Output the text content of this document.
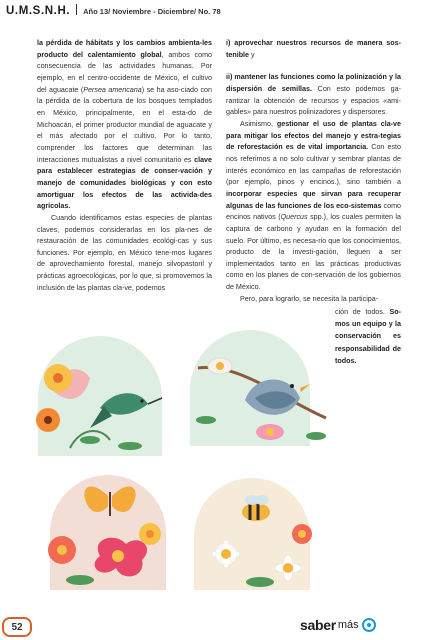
U.M.S.N.H. Año 13/ Noviembre - Diciembre/ No. 78

la pérdida de hábitats y los cambios ambienta-les producto del calentamiento global, ambos como consecuencia de las actividades humanas. Por ejemplo, en el centro-occidente de México, el cultivo del aguacate (Persea americana) se ha aso-ciado con la pérdida de la cobertura de los bosques templados en México, principalmente, en el esta-do de Michoacán, el primer productor mundial de aguacate y el más afectado por el cultivo. Por lo tanto, comprender los factores que determinan las interacciones mutualistas a nivel comunitario es clave para establecer estrategias de conser-vación y manejo de comunidades biológicas y con esto amortiguar los efectos de las activida-des agrícolas.

Cuando identificamos estas especies de plantas claves, podemos considerarlas en los pla-nes de restauración de las comunidades ecológi-cas y sus funciones. Por ejemplo, en México tene-mos lugares de aprovechamiento forestal, manejo silvopastoril y prácticas agroecológicas, por lo que, si promovemos la inclusión de las plantas cla-ve, podemos

i) aprovechar nuestros recursos de manera sos-tenible y

ii) mantener las funciones como la polinización y la dispersión de semillas. Con esto podemos ga-rantizar la obtención de recursos y espacios «ami-gables» para nuestros polinizadores y dispersores.

Asimismo, gestionar el uso de plantas cla-ve para mitigar los efectos del manejo y estra-tegias de reforestación es de vital importancia. Con esto nos referimos a no solo cultivar y sembrar plantas de interés económico en las campañas de reforestación (por ejemplo, pinos y encinos.), sino también a incorporar especies que sirvan para recuperar algunas de las funciones de los eco-sistemas como encinos nativos (Quercus spp.), los cuales permiten la captura de carbono y ayudan en la formación del suelo. Por último, es necesa-rio que los conocimientos, producto de la investi-gación, lleguen a ser implementados tanto en las prácticas productivas como en los planes de con-servación de los gobiernos de México.

Pero, para lograrlo, se necesita la participa-

ción de todos. So-mos un equipo y la conservación es responsabilidad de todos.
52	saber más
